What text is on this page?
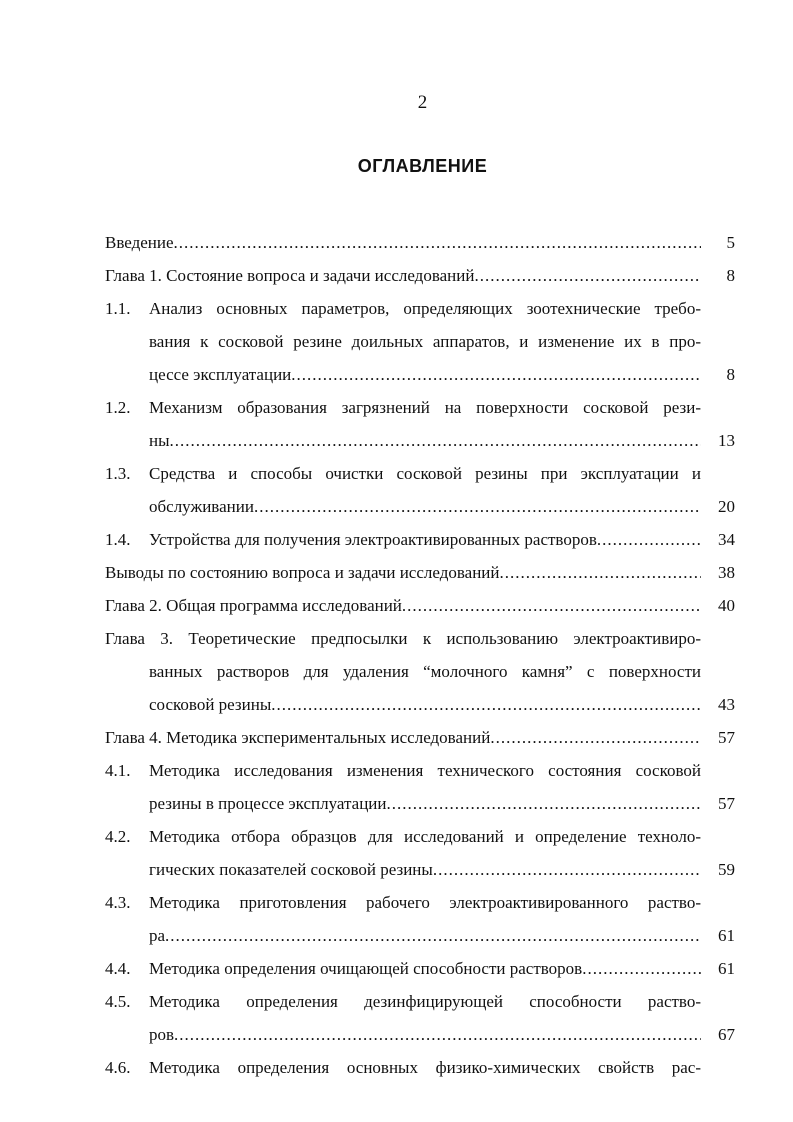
2
ОГЛАВЛЕНИЕ
Введение .....	5
Глава 1. Состояние вопроса и задачи исследований .....	8
1.1. Анализ основных параметров, определяющих зоотехнические требо-
вания к сосковой резине доильных аппаратов, и изменение их в про-
цессе эксплуатации .....	8
1.2. Механизм образования загрязнений на поверхности сосковой рези-
ны .....	13
1.3. Средства и способы очистки сосковой резины при эксплуатации и
обслуживании .....	20
1.4. Устройства для получения электроактивированных растворов .....	34
Выводы по состоянию вопроса и задачи исследований .....	38
Глава 2. Общая программа исследований .....	40
Глава 3. Теоретические предпосылки к использованию электроактивиро-
ванных растворов для удаления “молочного камня” с поверхности
сосковой резины .....	43
Глава 4. Методика экспериментальных исследований .....	57
4.1. Методика исследования изменения технического состояния сосковой
резины в процессе эксплуатации .....	57
4.2. Методика отбора образцов для исследований и определение техноло-
гических показателей сосковой резины .....	59
4.3. Методика приготовления рабочего электроактивированного раство-
ра .....	61
4.4. Методика определения очищающей способности растворов .....	61
4.5. Методика определения дезинфицирующей способности раство-
ров .....	67
4.6. Методика определения основных физико-химических свойств рас-
